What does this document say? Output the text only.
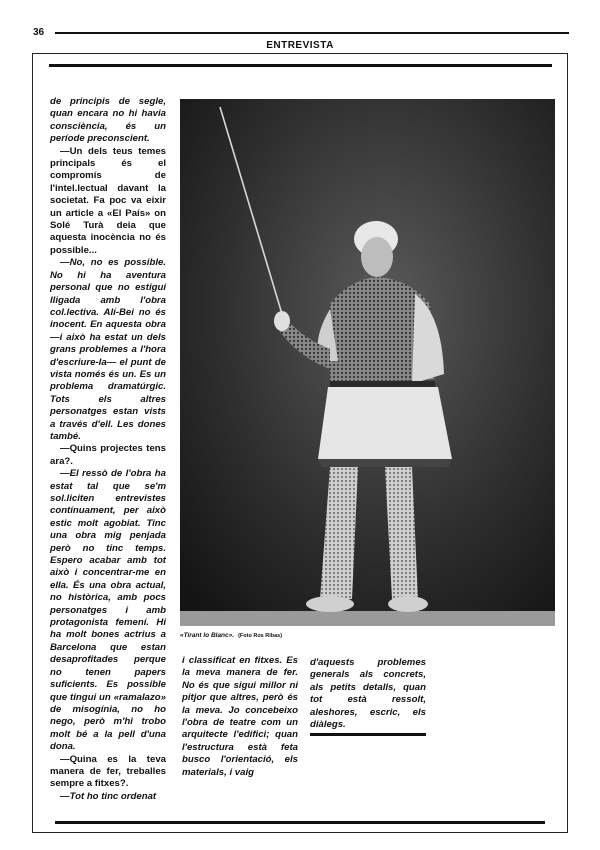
36
ENTREVISTA

de principis de segle, quan encara no hi havia consciència, és un període preconscient.

—Un dels teus temes principals és el compromís de l'intel.lectual davant la societat. Fa poc va eixir un article a «El País» on Solé Turà deia que aquesta inocència no és possible...

—No, no es possible. No hi ha aventura personal que no estigui lligada amb l'obra col.lectiva. Alí-Bei no és inocent. En aquesta obra —i això ha estat un dels grans problemes a l'hora d'escriure-la— el punt de vista només és un. Es un problema dramatúrgic. Tots els altres personatges estan vists a través d'ell. Les dones també.

—Quins projectes tens ara?.

—El ressò de l'obra ha estat tal que se'm sol.liciten entrevistes contínuament, per això estic molt agobiat. Tinc una obra mig penjada però no tinc temps. Espero acabar amb tot això i concentrar-me en ella. És una obra actual, no històrica, amb pocs personatges i amb protagonista femení. Hi ha molt bones actrius a Barcelona que estan desaprofitades perque no tenen papers suficients. Es possible que tingui un «ramalazo» de misogínia, no ho nego, però m'hi trobo molt bé a la pell d'una dona.

—Quina es la teva manera de fer, treballes sempre a fitxes?.

—Tot ho tinc ordenat

i classificat en fitxes. Es la meva manera de fer. No és que sigui millor ni pitjor que altres, però és la meva. Jo concebeixo l'obra de teatre com un arquitecte l'edifici; quan l'estructura està feta busco l'orientació, els materials, i vaig

d'aquests problemes generals als concrets, als petits detalls, quan tot està ressolt, aleshores, escric, els diàlegs.

«Tirant lo Blanc». (Foto Ros Ribas)
